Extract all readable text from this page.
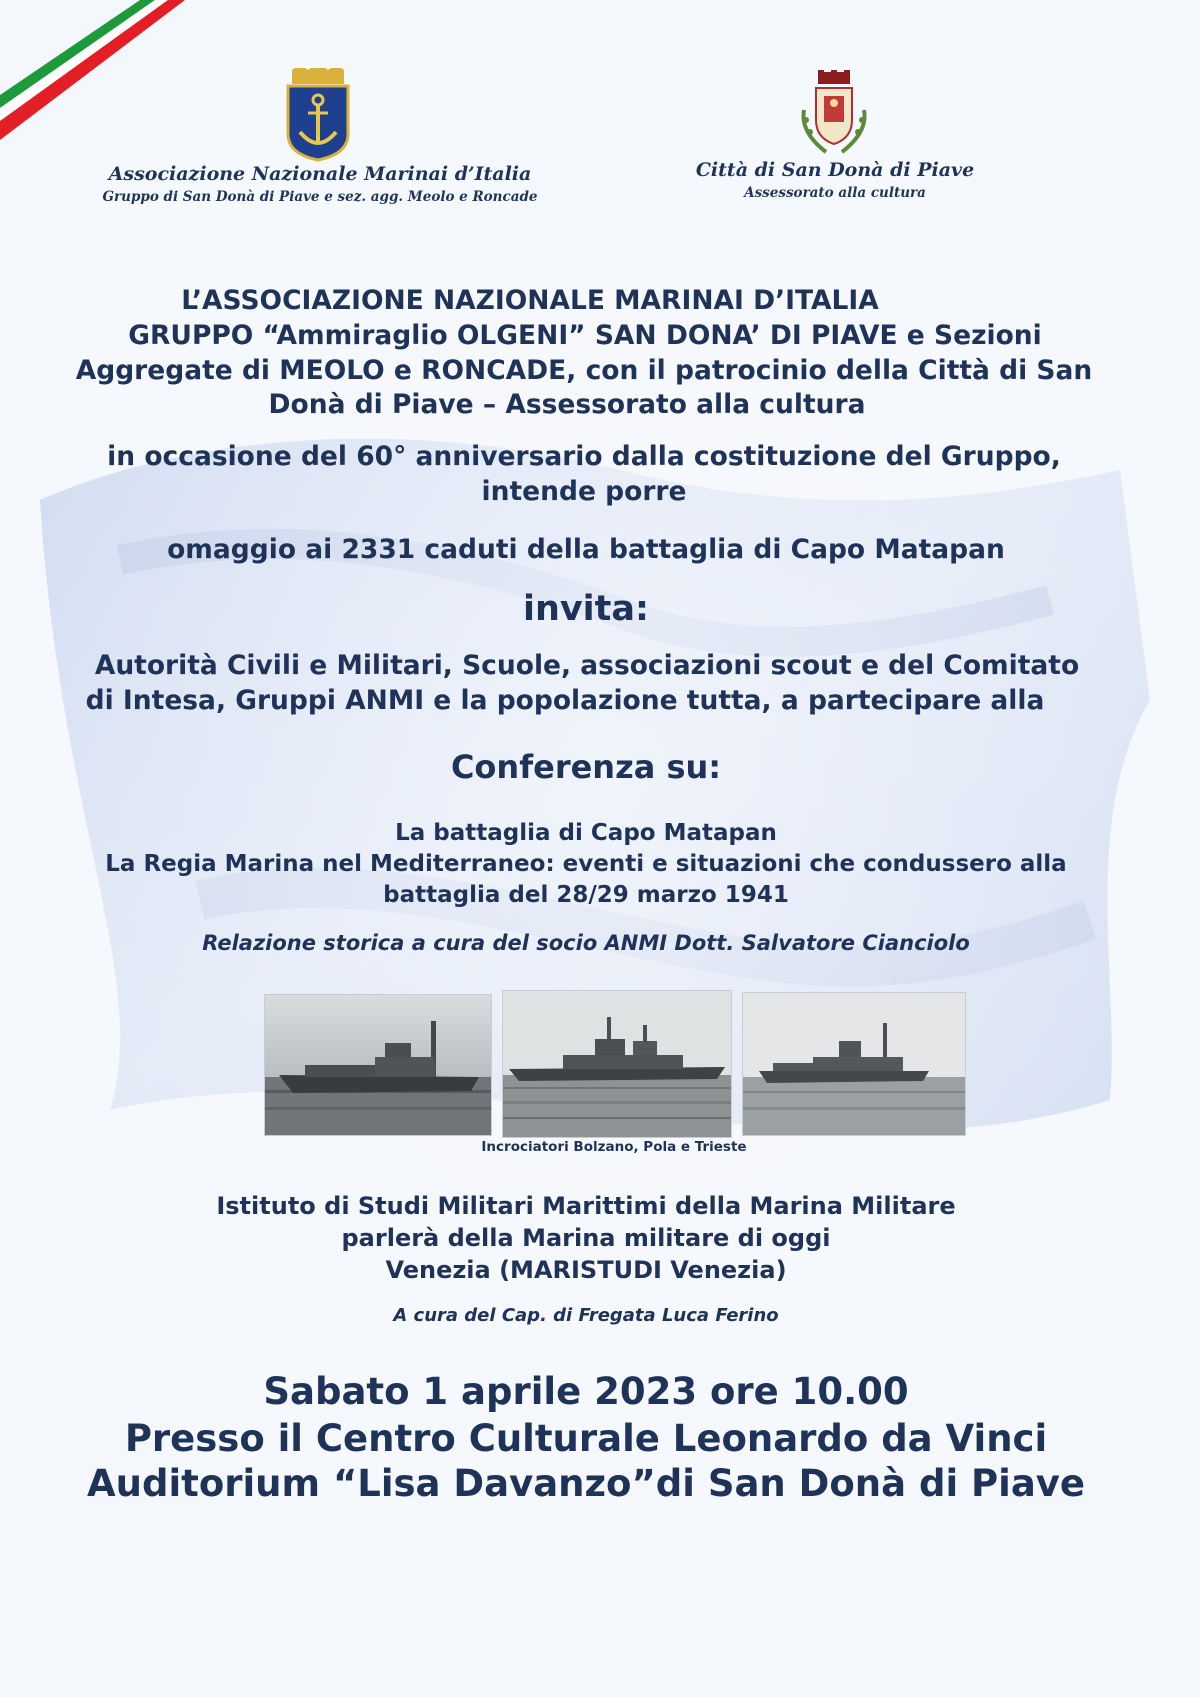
Associazione Nazionale Marinai d’Italia
Gruppo di San Donà di Piave e sez. agg. Meolo e Roncade
Città di San Donà di Piave
Assessorato alla cultura
L’ASSOCIAZIONE NAZIONALE MARINAI D’ITALIA
GRUPPO “Ammiraglio OLGENI” SAN DONA’ DI PIAVE e Sezioni
Aggregate di MEOLO e RONCADE, con il patrocinio della Città di San
Donà di Piave – Assessorato alla cultura
in occasione del 60° anniversario dalla costituzione del Gruppo,
intende porre
omaggio ai 2331 caduti della battaglia di Capo Matapan
invita:
Autorità Civili e Militari, Scuole, associazioni scout e del Comitato
di Intesa, Gruppi ANMI e la popolazione tutta, a partecipare alla
Conferenza su:
La battaglia di Capo Matapan
La Regia Marina nel Mediterraneo: eventi e situazioni che condussero alla
battaglia del 28/29 marzo 1941
Relazione storica a cura del socio ANMI Dott. Salvatore Cianciolo
Incrociatori Bolzano, Pola e Trieste
Istituto di Studi Militari Marittimi della Marina Militare
parlerà della Marina militare di oggi
Venezia (MARISTUDI Venezia)
A cura del Cap. di Fregata Luca Ferino
Sabato 1 aprile 2023 ore 10.00
Presso il Centro Culturale Leonardo da Vinci
Auditorium “Lisa Davanzo”di San Donà di Piave
